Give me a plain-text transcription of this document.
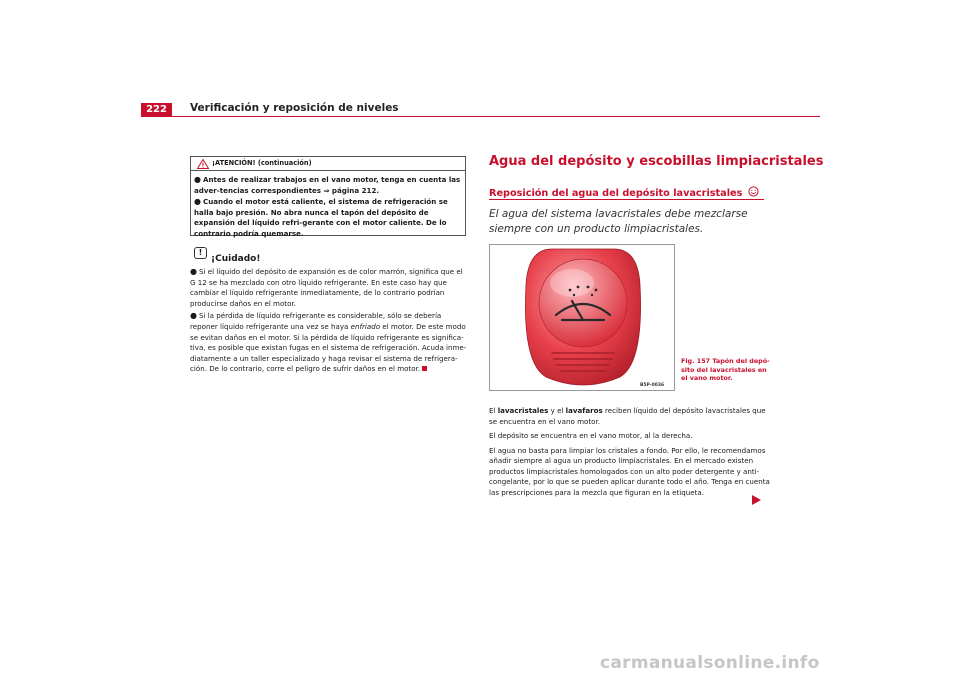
222	Verificación y reposición de niveles
¡ATENCIÓN! (continuación)

● Antes de realizar trabajos en el vano motor, tenga en cuenta las adver-tencias correspondientes ⇒ página 212.

● Cuando el motor está caliente, el sistema de refrigeración se halla bajo presión. No abra nunca el tapón del depósito de expansión del líquido refri-gerante con el motor caliente. De lo contrario podría quemarse.

!
¡Cuidado!

● Si el líquido del depósito de expansión es de color marrón, significa que el G 12 se ha mezclado con otro líquido refrigerante. En este caso hay que cambiar el líquido refrigerante inmediatamente, de lo contrario podrían producirse daños en el motor.

● Si la pérdida de líquido refrigerante es considerable, sólo se debería reponer líquido refrigerante una vez se haya enfriado el motor. De este modo se evitan daños en el motor. Si la pérdida de líquido refrigerante es significa-tiva, es posible que existan fugas en el sistema de refrigeración. Acuda inme-diatamente a un taller especializado y haga revisar el sistema de refrigera-ción. De lo contrario, corre el peligro de sufrir daños en el motor.

Agua del depósito y escobillas limpiacristales
Reposición del agua del depósito lavacristales
El agua del sistema lavacristales debe mezclarse siempre con un producto limpiacristales.
B5P-0036
Fig. 157 Tapón del depó-sito del lavacristales en el vano motor.

El lavacristales y el lavafaros reciben líquido del depósito lavacristales que se encuentra en el vano motor.

El depósito se encuentra en el vano motor, al la derecha.

El agua no basta para limpiar los cristales a fondo. Por ello, le recomendamos añadir siempre al agua un producto limpiacristales. En el mercado existen productos limpiacristales homologados con un alto poder detergente y anti-congelante, por lo que se pueden aplicar durante todo el año. Tenga en cuenta las prescripciones para la mezcla que figuran en la etiqueta.

carmanualsonline.info
